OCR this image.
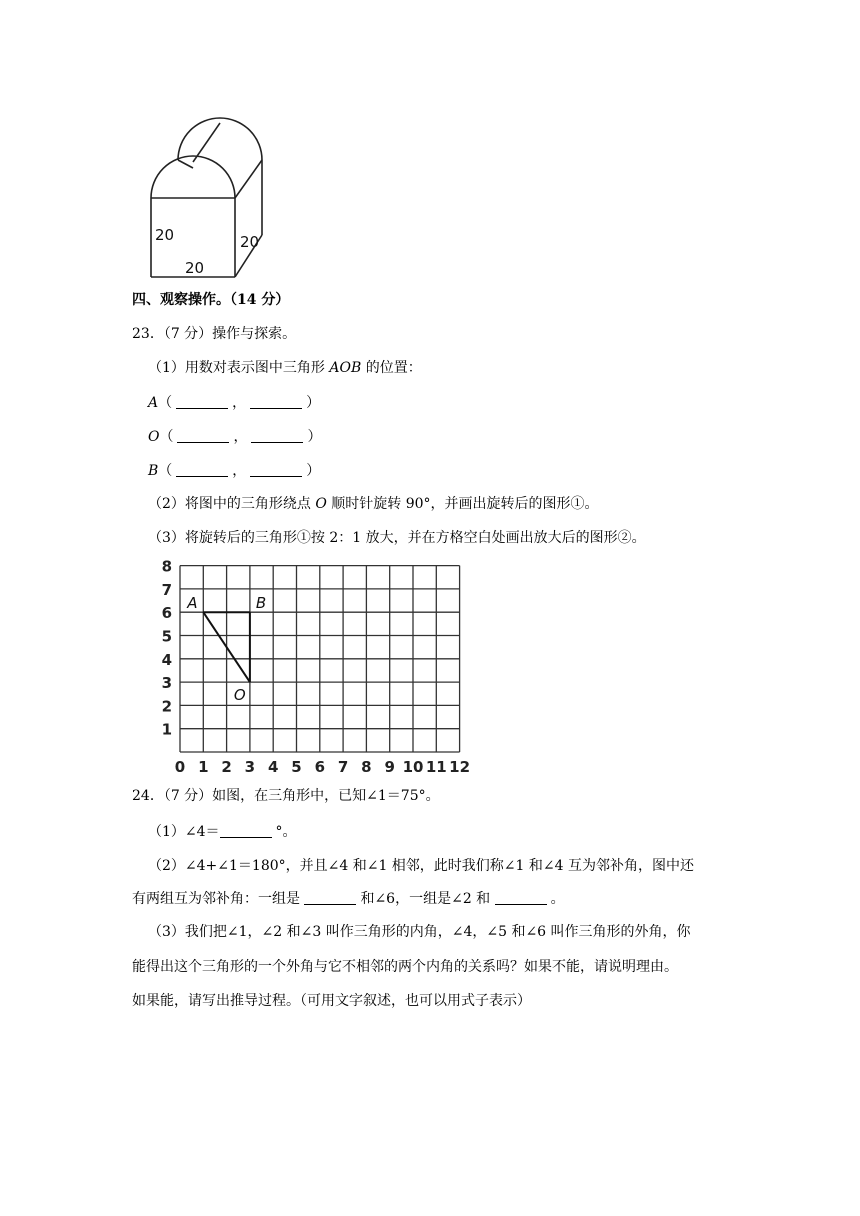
20
20
20
四、观察操作。（14 分）
23．（7 分）操作与探索。
（1）用数对表示图中三角形 AOB 的位置：
A（	，	）
O（	，	）
B（	，	）
（2）将图中的三角形绕点 O 顺时针旋转 90°，并画出旋转后的图形①。
（3）将旋转后的三角形①按 2：1 放大，并在方格空白处画出放大后的图形②。
0 1 2 3 4 5 6 7 8 9 10 11 12
1
2
3
4
5
6
7
8
A	B
O
24．（7 分）如图，在三角形中，已知∠1＝75°。
（1）∠4＝	°。
（2）∠4+∠1＝180°，并且∠4 和∠1 相邻，此时我们称∠1 和∠4 互为邻补角，图中还
有两组互为邻补角：一组是	和∠6，一组是∠2 和	。
（3）我们把∠1，∠2 和∠3 叫作三角形的内角，∠4，∠5 和∠6 叫作三角形的外角，你
能得出这个三角形的一个外角与它不相邻的两个内角的关系吗？如果不能，请说明理由。
如果能，请写出推导过程。（可用文字叙述，也可以用式子表示）
